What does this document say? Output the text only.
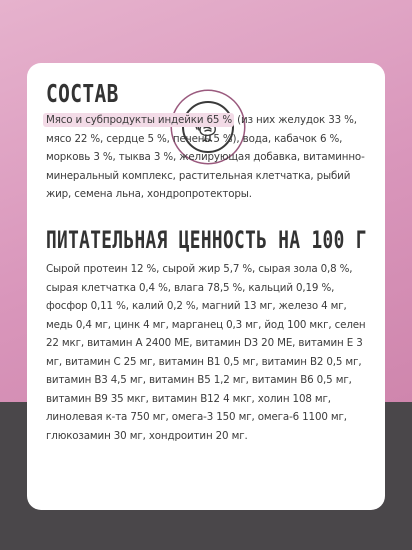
СОСТАВ

Мясо и субпродукты индейки 65 % (из них желудок 33 %, мясо 22 %, сердце 5 %, печень 5 %), вода, кабачок 6 %, морковь 3 %, тыква 3 %, желирующая добавка, витаминно-минеральный комплекс, растительная клетчатка, рыбий жир, семена льна, хондропротекторы.

ПИТАТЕЛЬНАЯ ЦЕННОСТЬ НА 100 Г

Сырой протеин 12 %, сырой жир 5,7 %, сырая зола 0,8 %, сырая клетчатка 0,4 %, влага 78,5 %, кальций 0,19 %, фосфор 0,11 %, калий 0,2 %, магний 13 мг, железо 4 мг, медь 0,4 мг, цинк 4 мг, марганец 0,3 мг, йод 100 мкг, селен 22 мкг, витамин A 2400 МЕ, витамин D3 20 МЕ, витамин Е 3 мг, витамин С 25 мг, витамин В1 0,5 мг, витамин В2 0,5 мг, витамин В3 4,5 мг, витамин В5 1,2 мг, витамин В6 0,5 мг, витамин В9 35 мкг, витамин В12 4 мкг, холин 108 мг, линолевая к-та 750 мг, омега-3 150 мг, омега-6 1100 мг, глюкозамин 30 мг, хондроитин 20 мг.
